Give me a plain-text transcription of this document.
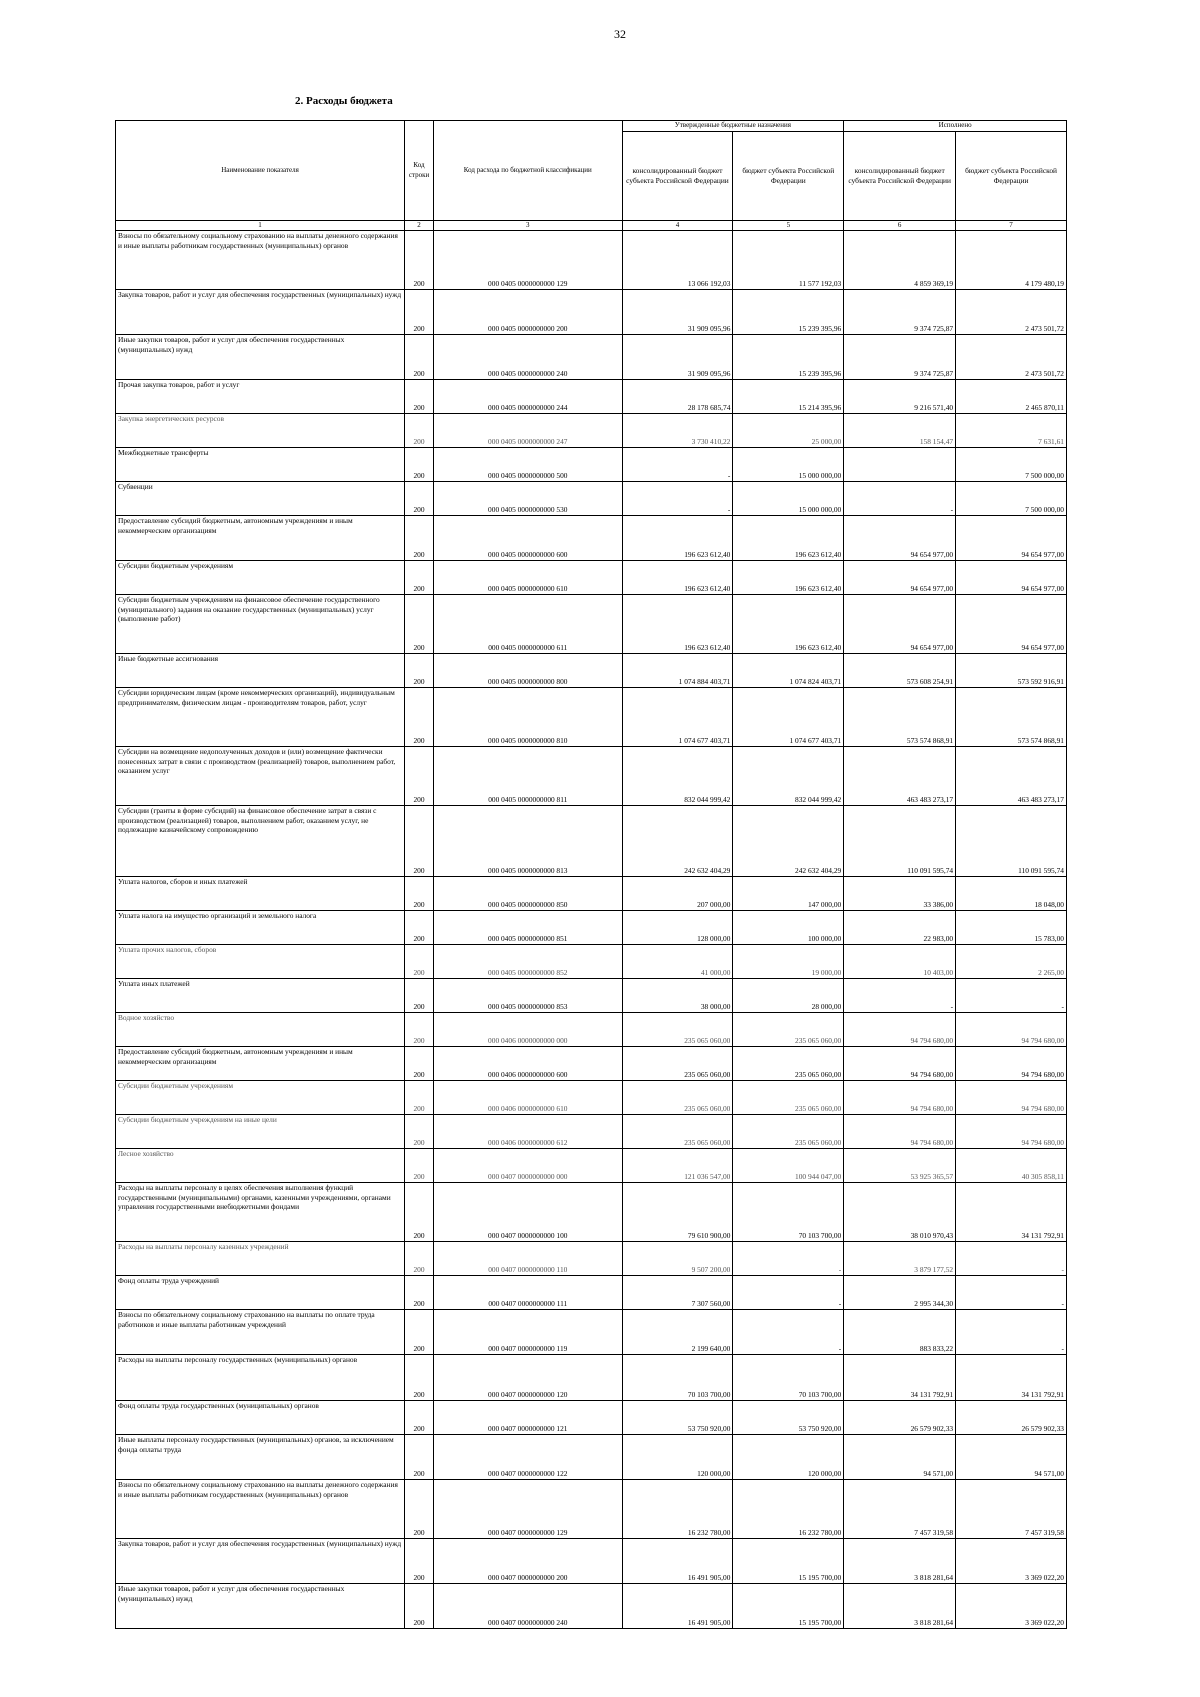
32
2. Расходы бюджета
Наименование показателя	Код строки	Код расхода по бюджетной классификации	Утвержденные бюджетные назначения		Исполнено	
			консолидированный бюджет субъекта Российской Федерации	бюджет субъекта Российской Федерации	консолидированный бюджет субъекта Российской Федерации	бюджет субъекта Российской Федерации
1	2	3	4	5	6	7
Взносы по обязательному социальному страхованию на выплаты денежного содержания и иные выплаты работникам государственных (муниципальных) органов	200	000 0405 0000000000 129	13 066 192,03	11 577 192,03	4 859 369,19	4 179 480,19
Закупка товаров, работ и услуг для обеспечения государственных (муниципальных) нужд	200	000 0405 0000000000 200	31 909 095,96	15 239 395,96	9 374 725,87	2 473 501,72
Иные закупки товаров, работ и услуг для обеспечения государственных (муниципальных) нужд	200	000 0405 0000000000 240	31 909 095,96	15 239 395,96	9 374 725,87	2 473 501,72
Прочая закупка товаров, работ и услуг	200	000 0405 0000000000 244	28 178 685,74	15 214 395,96	9 216 571,40	2 465 870,11
Закупка энергетических ресурсов	200	000 0405 0000000000 247	3 730 410,22	25 000,00	158 154,47	7 631,61
Межбюджетные трансферты	200	000 0405 0000000000 500	-	15 000 000,00		7 500 000,00
Субвенции	200	000 0405 0000000000 530	-	15 000 000,00	-	7 500 000,00
Предоставление субсидий бюджетным, автономным учреждениям и иным некоммерческим организациям	200	000 0405 0000000000 600	196 623 612,40	196 623 612,40	94 654 977,00	94 654 977,00
Субсидии бюджетным учреждениям	200	000 0405 0000000000 610	196 623 612,40	196 623 612,40	94 654 977,00	94 654 977,00
Субсидии бюджетным учреждениям на финансовое обеспечение государственного (муниципального) задания на оказание государственных (муниципальных) услуг (выполнение работ)	200	000 0405 0000000000 611	196 623 612,40	196 623 612,40	94 654 977,00	94 654 977,00
Иные бюджетные ассигнования	200	000 0405 0000000000 800	1 074 884 403,71	1 074 824 403,71	573 608 254,91	573 592 916,91
Субсидии юридическим лицам (кроме некоммерческих организаций), индивидуальным предпринимателям, физическим лицам - производителям товаров, работ, услуг	200	000 0405 0000000000 810	1 074 677 403,71	1 074 677 403,71	573 574 868,91	573 574 868,91
Субсидии на возмещение недополученных доходов и (или) возмещение фактически понесенных затрат в связи с производством (реализацией) товаров, выполнением работ, оказанием услуг	200	000 0405 0000000000 811	832 044 999,42	832 044 999,42	463 483 273,17	463 483 273,17
Субсидии (гранты в форме субсидий) на финансовое обеспечение затрат в связи с производством (реализацией) товаров, выполнением работ, оказанием услуг, не подлежащие казначейскому сопровождению	200	000 0405 0000000000 813	242 632 404,29	242 632 404,29	110 091 595,74	110 091 595,74
Уплата налогов, сборов и иных платежей	200	000 0405 0000000000 850	207 000,00	147 000,00	33 386,00	18 048,00
Уплата налога на имущество организаций и земельного налога	200	000 0405 0000000000 851	128 000,00	100 000,00	22 983,00	15 783,00
Уплата прочих налогов, сборов	200	000 0405 0000000000 852	41 000,00	19 000,00	10 403,00	2 265,00
Уплата иных платежей	200	000 0405 0000000000 853	38 000,00	28 000,00	-	-
Водное хозяйство	200	000 0406 0000000000 000	235 065 060,00	235 065 060,00	94 794 680,00	94 794 680,00
Предоставление субсидий бюджетным, автономным учреждениям и иным некоммерческим организациям	200	000 0406 0000000000 600	235 065 060,00	235 065 060,00	94 794 680,00	94 794 680,00
Субсидии бюджетным учреждениям	200	000 0406 0000000000 610	235 065 060,00	235 065 060,00	94 794 680,00	94 794 680,00
Субсидии бюджетным учреждениям на иные цели	200	000 0406 0000000000 612	235 065 060,00	235 065 060,00	94 794 680,00	94 794 680,00
Лесное хозяйство	200	000 0407 0000000000 000	121 036 547,00	100 944 047,00	53 925 365,57	40 305 858,11
Расходы на выплаты персоналу в целях обеспечения выполнения функций государственными (муниципальными) органами, казенными учреждениями, органами управления государственными внебюджетными фондами	200	000 0407 0000000000 100	79 610 900,00	70 103 700,00	38 010 970,43	34 131 792,91
Расходы на выплаты персоналу казенных учреждений	200	000 0407 0000000000 110	9 507 200,00	-	3 879 177,52	-
Фонд оплаты труда учреждений	200	000 0407 0000000000 111	7 307 560,00	-	2 995 344,30	-
Взносы по обязательному социальному страхованию на выплаты по оплате труда работников и иные выплаты работникам учреждений	200	000 0407 0000000000 119	2 199 640,00	-	883 833,22	-
Расходы на выплаты персоналу государственных (муниципальных) органов	200	000 0407 0000000000 120	70 103 700,00	70 103 700,00	34 131 792,91	34 131 792,91
Фонд оплаты труда государственных (муниципальных) органов	200	000 0407 0000000000 121	53 750 920,00	53 750 920,00	26 579 902,33	26 579 902,33
Иные выплаты персоналу государственных (муниципальных) органов, за исключением фонда оплаты труда	200	000 0407 0000000000 122	120 000,00	120 000,00	94 571,00	94 571,00
Взносы по обязательному социальному страхованию на выплаты денежного содержания и иные выплаты работникам государственных (муниципальных) органов	200	000 0407 0000000000 129	16 232 780,00	16 232 780,00	7 457 319,58	7 457 319,58
Закупка товаров, работ и услуг для обеспечения государственных (муниципальных) нужд	200	000 0407 0000000000 200	16 491 905,00	15 195 700,00	3 818 281,64	3 369 022,20
Иные закупки товаров, работ и услуг для обеспечения государственных (муниципальных) нужд	200	000 0407 0000000000 240	16 491 905,00	15 195 700,00	3 818 281,64	3 369 022,20
